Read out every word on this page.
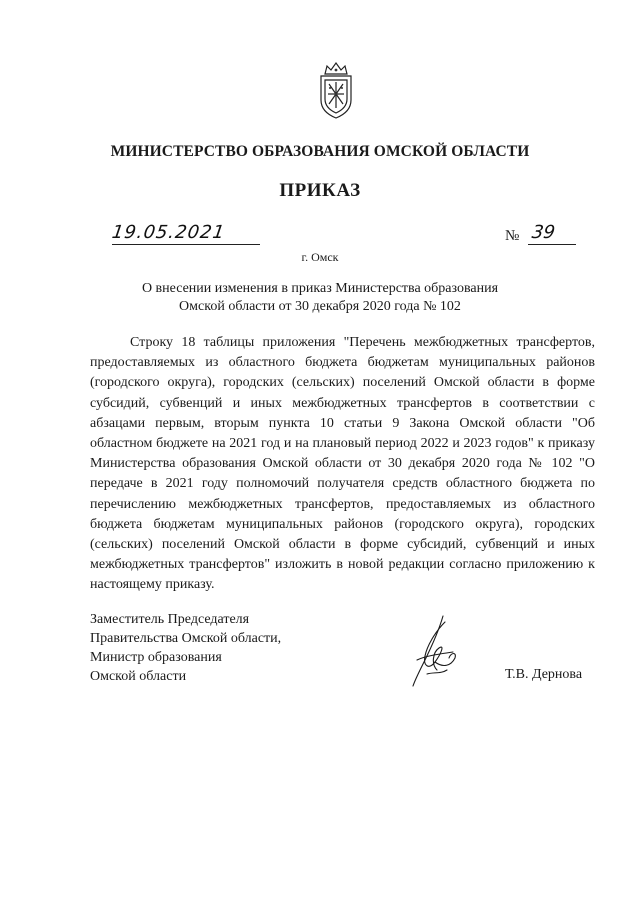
МИНИСТЕРСТВО ОБРАЗОВАНИЯ ОМСКОЙ ОБЛАСТИ
ПРИКАЗ
19.05.2021	№ 39
г. Омск
О внесении изменения в приказ Министерства образования
Омской области от 30 декабря 2020 года № 102
Строку 18 таблицы приложения "Перечень межбюджетных трансфертов, предоставляемых из областного бюджета бюджетам муниципальных районов (городского округа), городских (сельских) поселений Омской области в форме субсидий, субвенций и иных межбюджетных трансфертов в соответствии с абзацами первым, вторым пункта 10 статьи 9 Закона Омской области "Об областном бюджете на 2021 год и на плановый период 2022 и 2023 годов" к приказу Министерства образования Омской области от 30 декабря 2020 года № 102 "О передаче в 2021 году полномочий получателя средств областного бюджета по перечислению межбюджетных трансфертов, предоставляемых из областного бюджета бюджетам муниципальных районов (городского округа), городских (сельских) поселений Омской области в форме субсидий, субвенций и иных межбюджетных трансфертов" изложить в новой редакции согласно приложению к настоящему приказу.
Заместитель Председателя
Правительства Омской области,
Министр образования
Омской области	Т.В. Дернова
